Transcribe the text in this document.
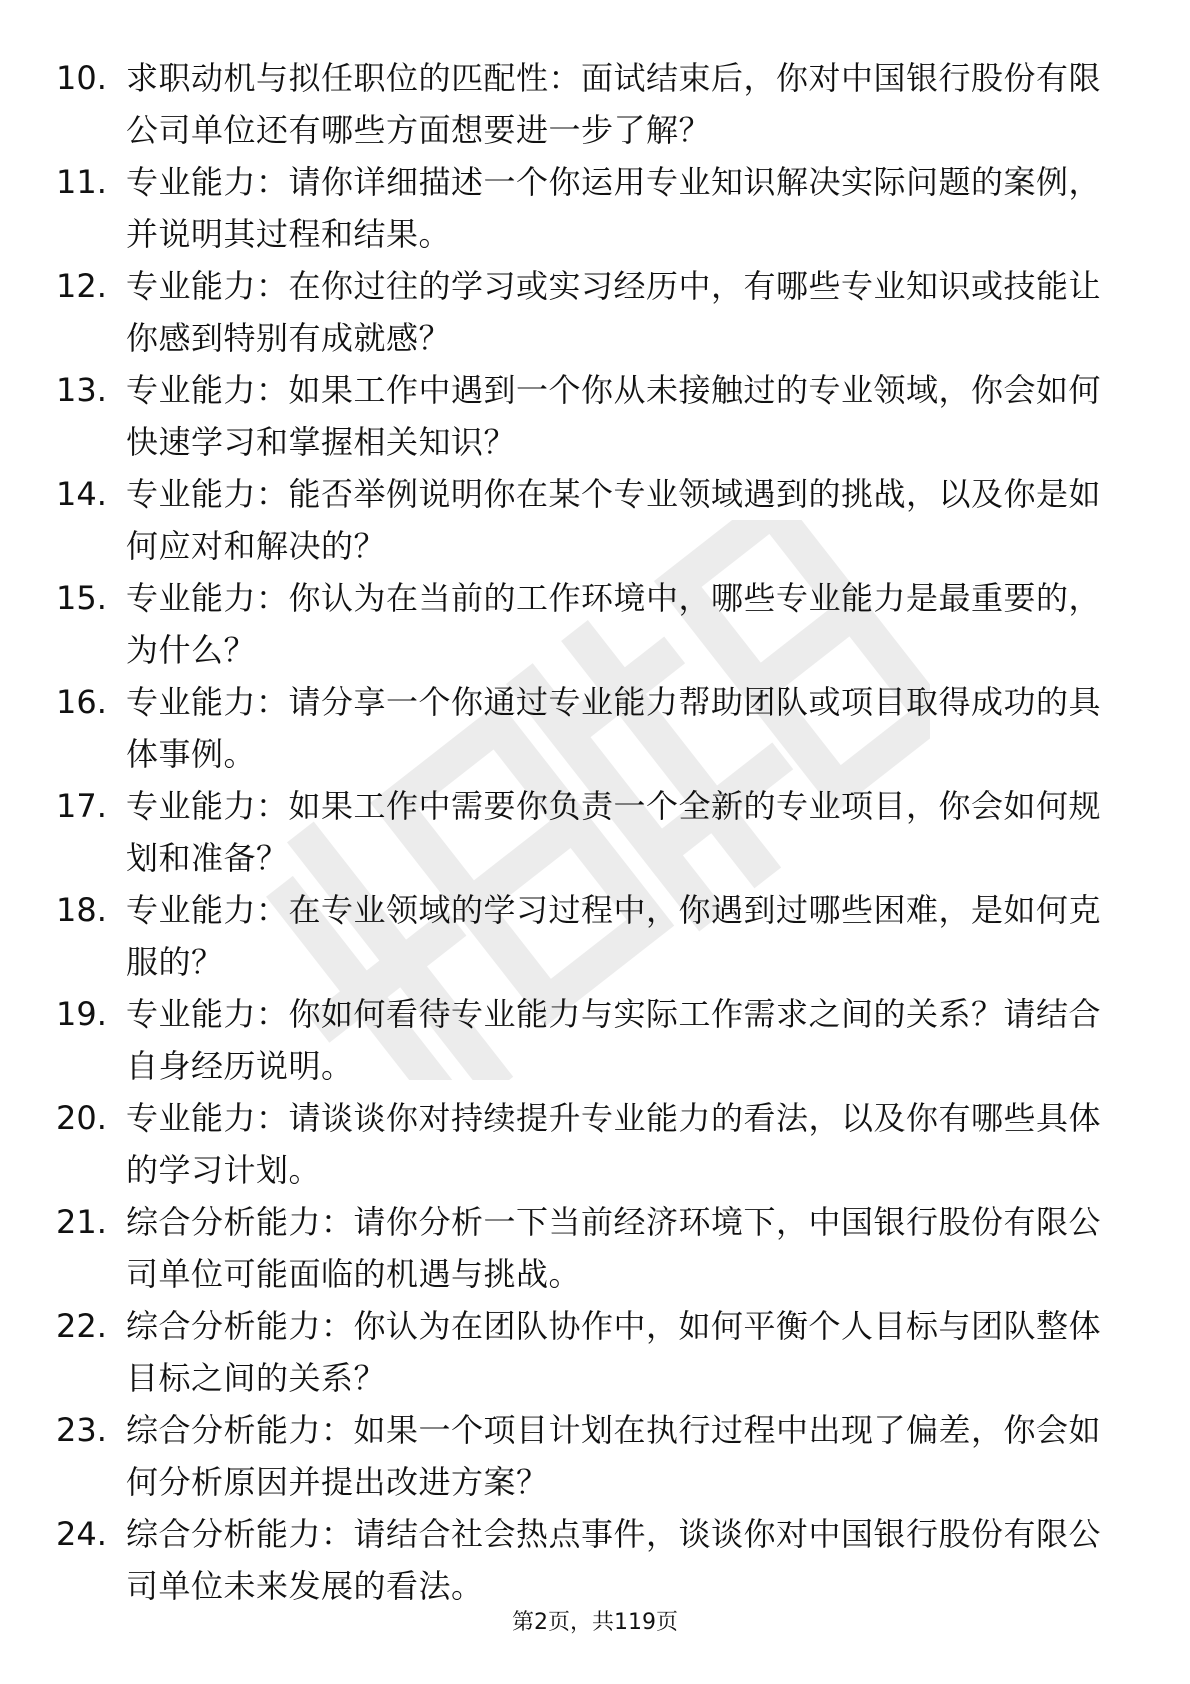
10. 求职动机与拟任职位的匹配性：面试结束后，你对中国银行股份有限公司单位还有哪些方面想要进一步了解？
11. 专业能力：请你详细描述一个你运用专业知识解决实际问题的案例，并说明其过程和结果。
12. 专业能力：在你过往的学习或实习经历中，有哪些专业知识或技能让你感到特别有成就感？
13. 专业能力：如果工作中遇到一个你从未接触过的专业领域，你会如何快速学习和掌握相关知识？
14. 专业能力：能否举例说明你在某个专业领域遇到的挑战，以及你是如何应对和解决的？
15. 专业能力：你认为在当前的工作环境中，哪些专业能力是最重要的，为什么？
16. 专业能力：请分享一个你通过专业能力帮助团队或项目取得成功的具体事例。
17. 专业能力：如果工作中需要你负责一个全新的专业项目，你会如何规划和准备？
18. 专业能力：在专业领域的学习过程中，你遇到过哪些困难，是如何克服的？
19. 专业能力：你如何看待专业能力与实际工作需求之间的关系？请结合自身经历说明。
20. 专业能力：请谈谈你对持续提升专业能力的看法，以及你有哪些具体的学习计划。
21. 综合分析能力：请你分析一下当前经济环境下，中国银行股份有限公司单位可能面临的机遇与挑战。
22. 综合分析能力：你认为在团队协作中，如何平衡个人目标与团队整体目标之间的关系？
23. 综合分析能力：如果一个项目计划在执行过程中出现了偏差，你会如何分析原因并提出改进方案？
24. 综合分析能力：请结合社会热点事件，谈谈你对中国银行股份有限公司单位未来发展的看法。
第2页，共119页
